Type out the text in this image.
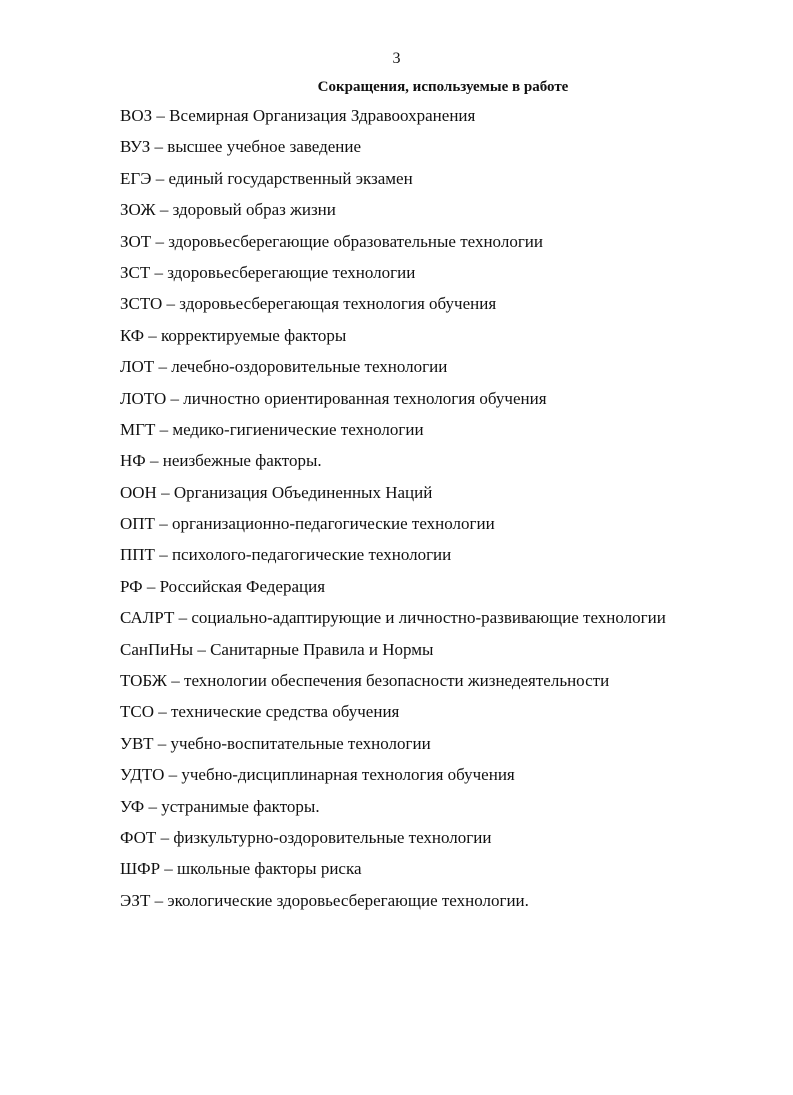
3
Сокращения, используемые в работе
ВОЗ – Всемирная Организация Здравоохранения
ВУЗ – высшее учебное заведение
ЕГЭ – единый государственный экзамен
ЗОЖ – здоровый образ жизни
ЗОТ – здоровьесберегающие образовательные технологии
ЗСТ – здоровьесберегающие технологии
ЗСТО – здоровьесберегающая технология обучения
КФ – корректируемые факторы
ЛОТ – лечебно-оздоровительные технологии
ЛОТО – личностно ориентированная технология обучения
МГТ – медико-гигиенические технологии
НФ – неизбежные факторы.
ООН – Организация Объединенных Наций
ОПТ – организационно-педагогические технологии
ППТ – психолого-педагогические технологии
РФ – Российская Федерация
САЛРТ – социально-адаптирующие и личностно-развивающие технологии
СанПиНы – Санитарные Правила и Нормы
ТОБЖ – технологии обеспечения безопасности жизнедеятельности
ТСО – технические средства обучения
УВТ – учебно-воспитательные технологии
УДТО – учебно-дисциплинарная технология обучения
УФ – устранимые факторы.
ФОТ – физкультурно-оздоровительные технологии
ШФР – школьные факторы риска
ЭЗТ – экологические здоровьесберегающие технологии.
